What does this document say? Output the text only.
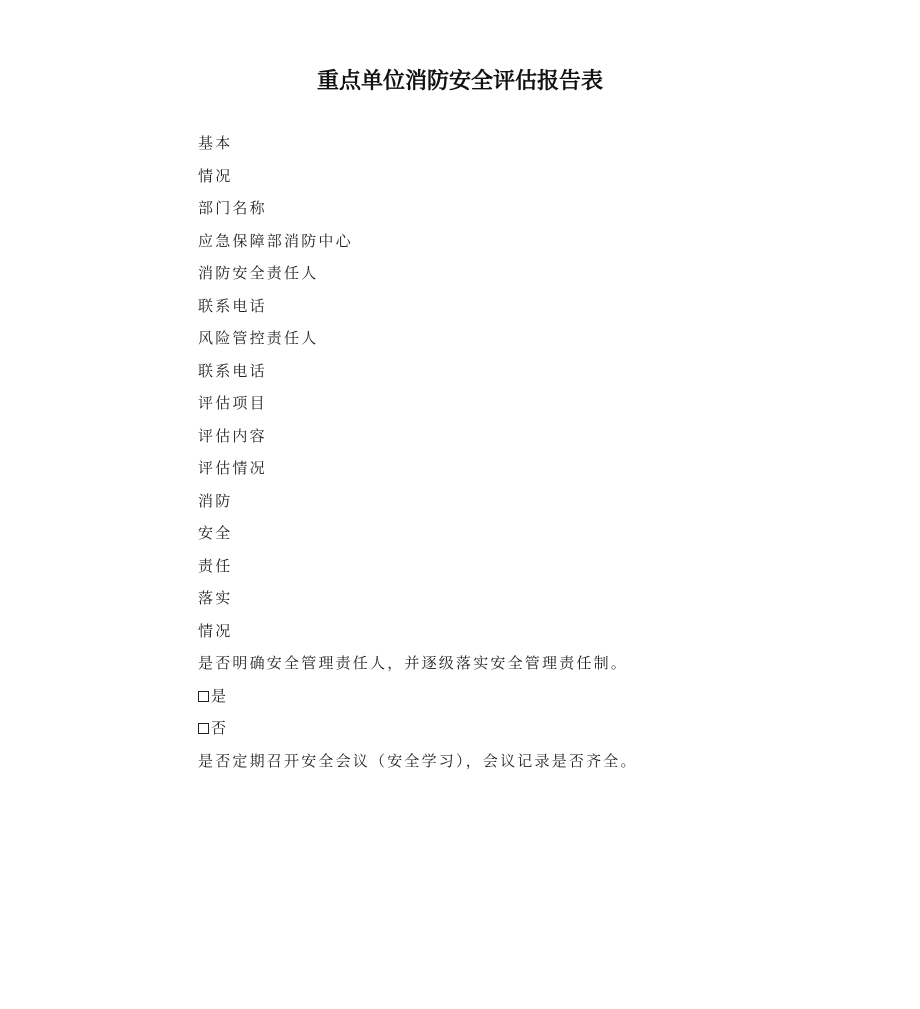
重点单位消防安全评估报告表
基本
情况
部门名称
应急保障部消防中心
消防安全责任人
联系电话
风险管控责任人
联系电话
评估项目
评估内容
评估情况
消防
安全
责任
落实
情况
是否明确安全管理责任人，并逐级落实安全管理责任制。
是
否
是否定期召开安全会议（安全学习），会议记录是否齐全。
